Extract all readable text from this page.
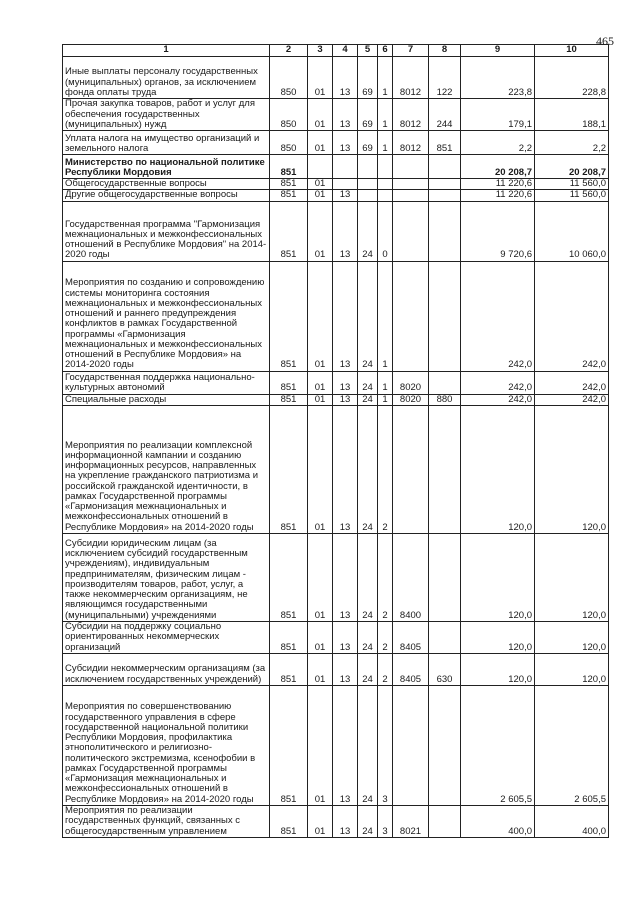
465
1	2	3	4	5	6	7	8	9	10
Иные выплаты персоналу государственных (муниципальных) органов, за исключением фонда оплаты труда	850	01	13	69	1	8012	122	223,8	228,8
Прочая закупка товаров, работ и услуг для обеспечения государственных (муниципальных) нужд	850	01	13	69	1	8012	244	179,1	188,1
Уплата налога на имущество организаций и земельного налога	850	01	13	69	1	8012	851	2,2	2,2
Министерство по национальной политике Республики Мордовия	851							20 208,7	20 208,7
Общегосударственные вопросы	851	01						11 220,6	11 560,0
Другие общегосударственные вопросы	851	01	13					11 220,6	11 560,0
Государственная программа "Гармонизация межнациональных и межконфессиональных отношений в Республике Мордовия" на 2014-2020 годы	851	01	13	24	0			9 720,6	10 060,0
Мероприятия по созданию и сопровождению системы мониторинга состояния межнациональных и межконфессиональных отношений и раннего предупреждения конфликтов в рамках Государственной программы «Гармонизация межнациональных и межконфессиональных отношений в Республике Мордовия» на 2014-2020 годы	851	01	13	24	1			242,0	242,0
Государственная поддержка национально-культурных автономий	851	01	13	24	1	8020		242,0	242,0
Специальные расходы	851	01	13	24	1	8020	880	242,0	242,0
Мероприятия по реализации комплексной информационной кампании и созданию информационных ресурсов, направленных на укрепление гражданского патриотизма и российской гражданской идентичности, в рамках Государственной программы «Гармонизация межнациональных и межконфессиональных отношений в Республике Мордовия» на 2014-2020 годы	851	01	13	24	2			120,0	120,0
Субсидии юридическим лицам (за исключением субсидий государственным учреждениям), индивидуальным предпринимателям, физическим лицам - производителям товаров, работ, услуг, а также некоммерческим организациям, не являющимся государственными (муниципальными) учреждениями	851	01	13	24	2	8400		120,0	120,0
Субсидии на поддержку социально ориентированных некоммерческих организаций	851	01	13	24	2	8405		120,0	120,0
Субсидии некоммерческим организациям (за исключением государственных учреждений)	851	01	13	24	2	8405	630	120,0	120,0
Мероприятия по совершенствованию государственного управления в сфере государственной национальной политики Республики Мордовия, профилактика этнополитического и религиозно-политического экстремизма, ксенофобии в рамках Государственной программы «Гармонизация межнациональных и межконфессиональных отношений в Республике Мордовия» на 2014-2020 годы	851	01	13	24	3			2 605,5	2 605,5
Мероприятия по реализации государственных функций, связанных с общегосударственным управлением	851	01	13	24	3	8021		400,0	400,0
